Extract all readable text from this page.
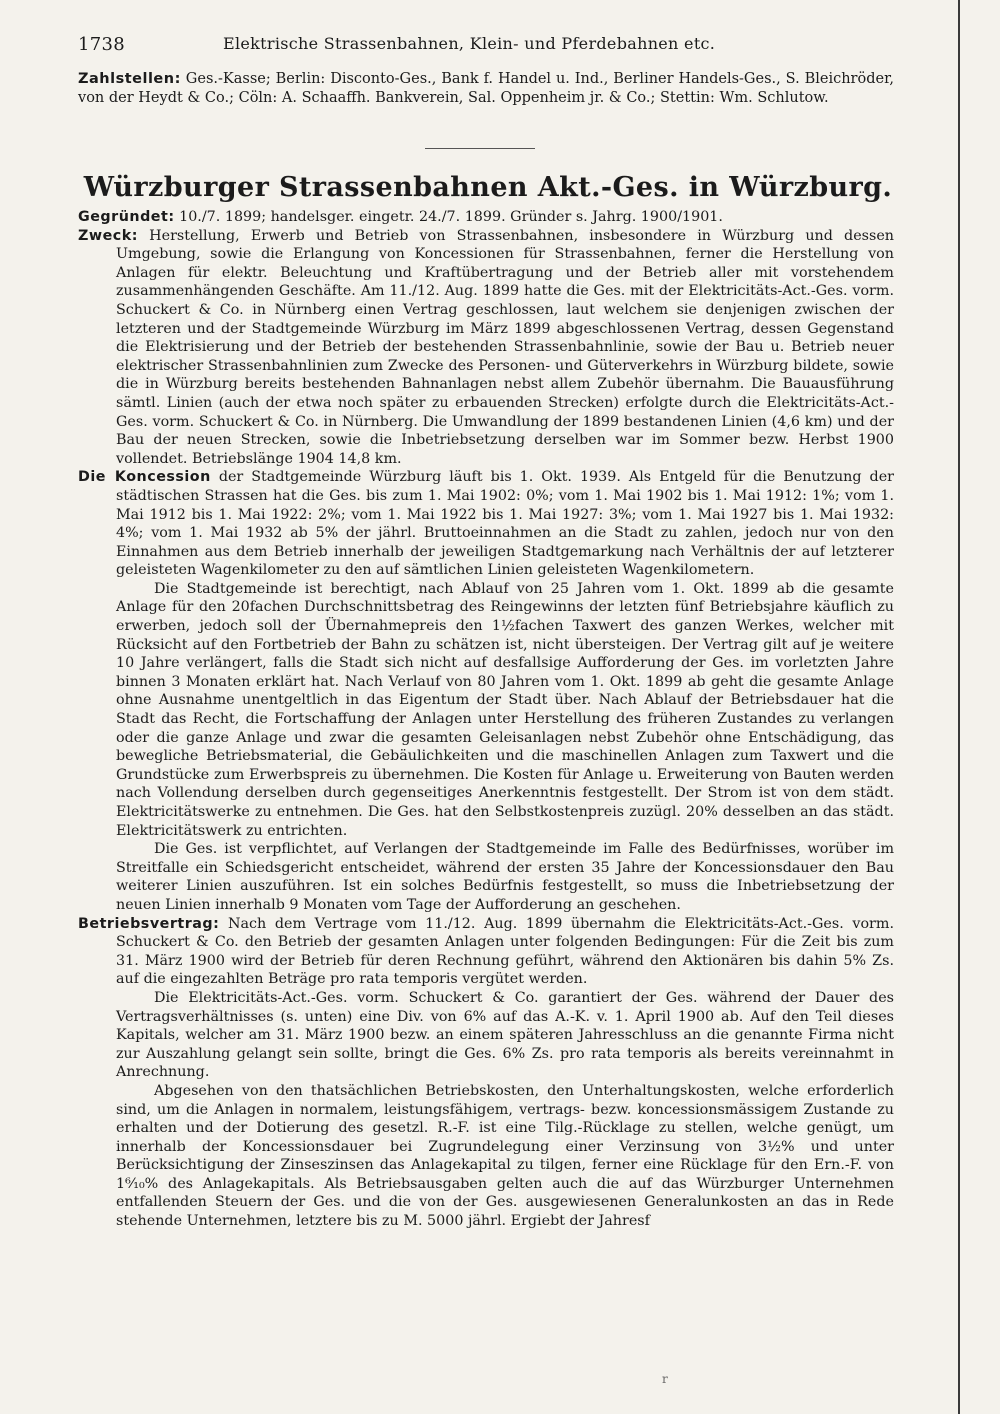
1738	Elektrische Strassenbahnen, Klein- und Pferdebahnen etc.
Zahlstellen: Ges.-Kasse; Berlin: Disconto-Ges., Bank f. Handel u. Ind., Berliner Handels-Ges., S. Bleichröder, von der Heydt & Co.; Cöln: A. Schaaffh. Bankverein, Sal. Oppenheim jr. & Co.; Stettin: Wm. Schlutow.
Würzburger Strassenbahnen Akt.-Ges. in Würzburg.

Gegründet: 10./7. 1899; handelsger. eingetr. 24./7. 1899. Gründer s. Jahrg. 1900/1901.

Zweck: Herstellung, Erwerb und Betrieb von Strassenbahnen, insbesondere in Würzburg und dessen Umgebung, sowie die Erlangung von Koncessionen für Strassenbahnen, ferner die Herstellung von Anlagen für elektr. Beleuchtung und Kraftübertragung und der Betrieb aller mit vorstehendem zusammenhängenden Geschäfte. Am 11./12. Aug. 1899 hatte die Ges. mit der Elektricitäts-Act.-Ges. vorm. Schuckert & Co. in Nürnberg einen Vertrag geschlossen, laut welchem sie denjenigen zwischen der letzteren und der Stadtgemeinde Würzburg im März 1899 abgeschlossenen Vertrag, dessen Gegenstand die Elektrisierung und der Betrieb der bestehenden Strassenbahnlinie, sowie der Bau u. Betrieb neuer elektrischer Strassenbahnlinien zum Zwecke des Personen- und Güterverkehrs in Würzburg bildete, sowie die in Würzburg bereits bestehenden Bahnanlagen nebst allem Zubehör übernahm. Die Bauausführung sämtl. Linien (auch der etwa noch später zu erbauenden Strecken) erfolgte durch die Elektricitäts-Act.-Ges. vorm. Schuckert & Co. in Nürnberg. Die Umwandlung der 1899 bestandenen Linien (4,6 km) und der Bau der neuen Strecken, sowie die Inbetriebsetzung derselben war im Sommer bezw. Herbst 1900 vollendet. Betriebslänge 1904 14,8 km.

Die Koncession der Stadtgemeinde Würzburg läuft bis 1. Okt. 1939. Als Entgeld für die Benutzung der städtischen Strassen hat die Ges. bis zum 1. Mai 1902: 0%; vom 1. Mai 1902 bis 1. Mai 1912: 1%; vom 1. Mai 1912 bis 1. Mai 1922: 2%; vom 1. Mai 1922 bis 1. Mai 1927: 3%; vom 1. Mai 1927 bis 1. Mai 1932: 4%; vom 1. Mai 1932 ab 5% der jährl. Bruttoeinnahmen an die Stadt zu zahlen, jedoch nur von den Einnahmen aus dem Betrieb innerhalb der jeweiligen Stadtgemarkung nach Verhältnis der auf letzterer geleisteten Wagenkilometer zu den auf sämtlichen Linien geleisteten Wagenkilometern.

Die Stadtgemeinde ist berechtigt, nach Ablauf von 25 Jahren vom 1. Okt. 1899 ab die gesamte Anlage für den 20fachen Durchschnittsbetrag des Reingewinns der letzten fünf Betriebsjahre käuflich zu erwerben, jedoch soll der Übernahmepreis den 1½fachen Taxwert des ganzen Werkes, welcher mit Rücksicht auf den Fortbetrieb der Bahn zu schätzen ist, nicht übersteigen. Der Vertrag gilt auf je weitere 10 Jahre verlängert, falls die Stadt sich nicht auf desfallsige Aufforderung der Ges. im vorletzten Jahre binnen 3 Monaten erklärt hat. Nach Verlauf von 80 Jahren vom 1. Okt. 1899 ab geht die gesamte Anlage ohne Ausnahme unentgeltlich in das Eigentum der Stadt über. Nach Ablauf der Betriebsdauer hat die Stadt das Recht, die Fortschaffung der Anlagen unter Herstellung des früheren Zustandes zu verlangen oder die ganze Anlage und zwar die gesamten Geleisanlagen nebst Zubehör ohne Entschädigung, das bewegliche Betriebsmaterial, die Gebäulichkeiten und die maschinellen Anlagen zum Taxwert und die Grundstücke zum Erwerbspreis zu übernehmen. Die Kosten für Anlage u. Erweiterung von Bauten werden nach Vollendung derselben durch gegenseitiges Anerkenntnis festgestellt. Der Strom ist von dem städt. Elektricitätswerke zu entnehmen. Die Ges. hat den Selbstkostenpreis zuzügl. 20% desselben an das städt. Elektricitätswerk zu entrichten.

Die Ges. ist verpflichtet, auf Verlangen der Stadtgemeinde im Falle des Bedürfnisses, worüber im Streitfalle ein Schiedsgericht entscheidet, während der ersten 35 Jahre der Koncessionsdauer den Bau weiterer Linien auszuführen. Ist ein solches Bedürfnis festgestellt, so muss die Inbetriebsetzung der neuen Linien innerhalb 9 Monaten vom Tage der Aufforderung an geschehen.

Betriebsvertrag: Nach dem Vertrage vom 11./12. Aug. 1899 übernahm die Elektricitäts-Act.-Ges. vorm. Schuckert & Co. den Betrieb der gesamten Anlagen unter folgenden Bedingungen: Für die Zeit bis zum 31. März 1900 wird der Betrieb für deren Rechnung geführt, während den Aktionären bis dahin 5% Zs. auf die eingezahlten Beträge pro rata temporis vergütet werden.

Die Elektricitäts-Act.-Ges. vorm. Schuckert & Co. garantiert der Ges. während der Dauer des Vertragsverhältnisses (s. unten) eine Div. von 6% auf das A.-K. v. 1. April 1900 ab. Auf den Teil dieses Kapitals, welcher am 31. März 1900 bezw. an einem späteren Jahresschluss an die genannte Firma nicht zur Auszahlung gelangt sein sollte, bringt die Ges. 6% Zs. pro rata temporis als bereits vereinnahmt in Anrechnung.

Abgesehen von den thatsächlichen Betriebskosten, den Unterhaltungskosten, welche erforderlich sind, um die Anlagen in normalem, leistungsfähigem, vertrags- bezw. koncessionsmässigem Zustande zu erhalten und der Dotierung des gesetzl. R.-F. ist eine Tilg.-Rücklage zu stellen, welche genügt, um innerhalb der Koncessionsdauer bei Zugrundelegung einer Verzinsung von 3½% und unter Berücksichtigung der Zinseszinsen das Anlagekapital zu tilgen, ferner eine Rücklage für den Ern.-F. von 1⁶⁄₁₀% des Anlagekapitals. Als Betriebsausgaben gelten auch die auf das Würzburger Unternehmen entfallenden Steuern der Ges. und die von der Ges. ausgewiesenen Generalunkosten an das in Rede stehende Unternehmen, letztere bis zu M. 5000 jährl. Ergiebt der Jahresf

r
